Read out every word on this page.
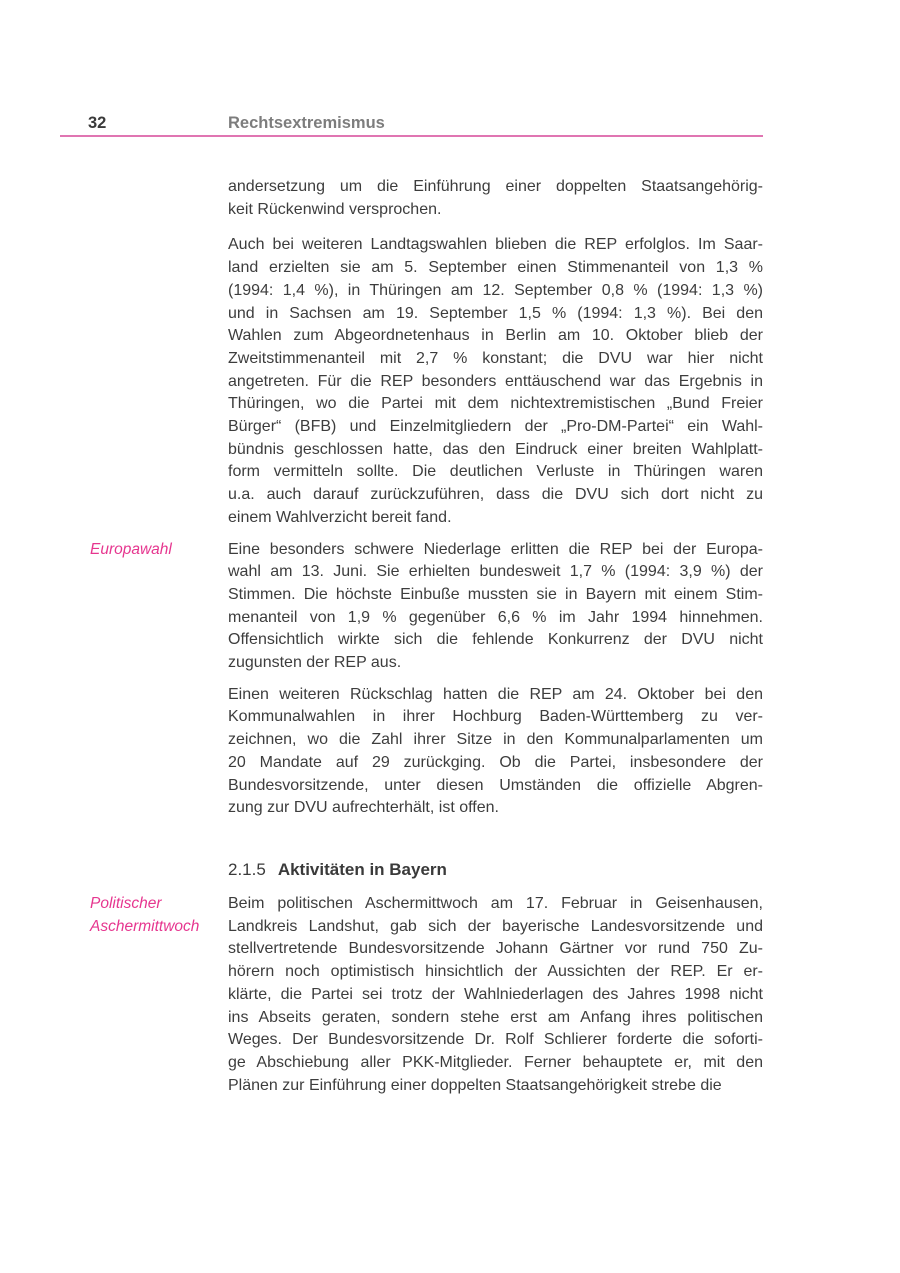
32	Rechtsextremismus
andersetzung um die Einführung einer doppelten Staatsangehörig-
keit Rückenwind versprochen.
Auch bei weiteren Landtagswahlen blieben die REP erfolglos. Im Saar-
land erzielten sie am 5. September einen Stimmenanteil von 1,3 %
(1994: 1,4 %), in Thüringen am 12. September 0,8 % (1994: 1,3 %)
und in Sachsen am 19. September 1,5 % (1994: 1,3 %). Bei den
Wahlen zum Abgeordnetenhaus in Berlin am 10. Oktober blieb der
Zweitstimmenanteil mit 2,7 % konstant; die DVU war hier nicht
angetreten. Für die REP besonders enttäuschend war das Ergebnis in
Thüringen, wo die Partei mit dem nichtextremistischen „Bund Freier
Bürger“ (BFB) und Einzelmitgliedern der „Pro-DM-Partei“ ein Wahl-
bündnis geschlossen hatte, das den Eindruck einer breiten Wahlplatt-
form vermitteln sollte. Die deutlichen Verluste in Thüringen waren
u.a. auch darauf zurückzuführen, dass die DVU sich dort nicht zu
einem Wahlverzicht bereit fand.
Europawahl	Eine besonders schwere Niederlage erlitten die REP bei der Europa-
wahl am 13. Juni. Sie erhielten bundesweit 1,7 % (1994: 3,9 %) der
Stimmen. Die höchste Einbuße mussten sie in Bayern mit einem Stim-
menanteil von 1,9 % gegenüber 6,6 % im Jahr 1994 hinnehmen.
Offensichtlich wirkte sich die fehlende Konkurrenz der DVU nicht
zugunsten der REP aus.
Einen weiteren Rückschlag hatten die REP am 24. Oktober bei den
Kommunalwahlen in ihrer Hochburg Baden-Württemberg zu ver-
zeichnen, wo die Zahl ihrer Sitze in den Kommunalparlamenten um
20 Mandate auf 29 zurückging. Ob die Partei, insbesondere der
Bundesvorsitzende, unter diesen Umständen die offizielle Abgren-
zung zur DVU aufrechterhält, ist offen.
2.1.5 Aktivitäten in Bayern
Politischer
Aschermittwoch
Beim politischen Aschermittwoch am 17. Februar in Geisenhausen,
Landkreis Landshut, gab sich der bayerische Landesvorsitzende und
stellvertretende Bundesvorsitzende Johann Gärtner vor rund 750 Zu-
hörern noch optimistisch hinsichtlich der Aussichten der REP. Er er-
klärte, die Partei sei trotz der Wahlniederlagen des Jahres 1998 nicht
ins Abseits geraten, sondern stehe erst am Anfang ihres politischen
Weges. Der Bundesvorsitzende Dr. Rolf Schlierer forderte die soforti-
ge Abschiebung aller PKK-Mitglieder. Ferner behauptete er, mit den
Plänen zur Einführung einer doppelten Staatsangehörigkeit strebe die
